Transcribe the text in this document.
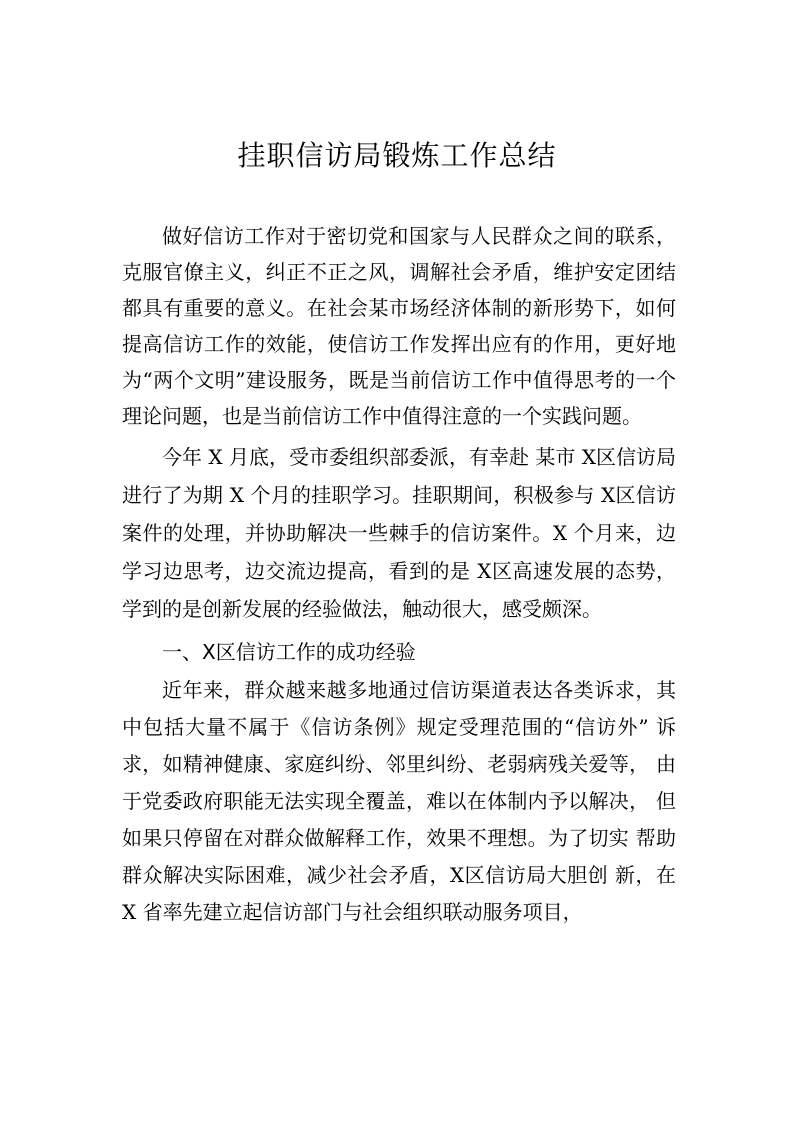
挂职信访局锻炼工作总结

做好信访工作对于密切党和国家与人民群众之间的联系，克服官僚主义，纠正不正之风，调解社会矛盾，维护安定团结都具有重要的意义。在社会某市场经济体制的新形势下，如何提高信访工作的效能，使信访工作发挥出应有的作用，更好地为“两个文明”建设服务，既是当前信访工作中值得思考的一个理论问题，也是当前信访工作中值得注意的一个实践问题。

今年 X 月底，受市委组织部委派，有幸赴 某市 X区信访局进行了为期 X 个月的挂职学习。挂职期间，积极参与 X区信访案件的处理，并协助解决一些棘手的信访案件。X 个月来，边学习边思考，边交流边提高，看到的是 X区高速发展的态势，学到的是创新发展的经验做法，触动很大，感受颇深。

一、X区信访工作的成功经验

近年来，群众越来越多地通过信访渠道表达各类诉求，其中包括大量不属于《信访条例》规定受理范围的“信访外” 诉求，如精神健康、家庭纠纷、邻里纠纷、老弱病残关爱等， 由于党委政府职能无法实现全覆盖，难以在体制内予以解决， 但如果只停留在对群众做解释工作，效果不理想。为了切实 帮助群众解决实际困难，减少社会矛盾，X区信访局大胆创 新，在 X 省率先建立起信访部门与社会组织联动服务项目，
